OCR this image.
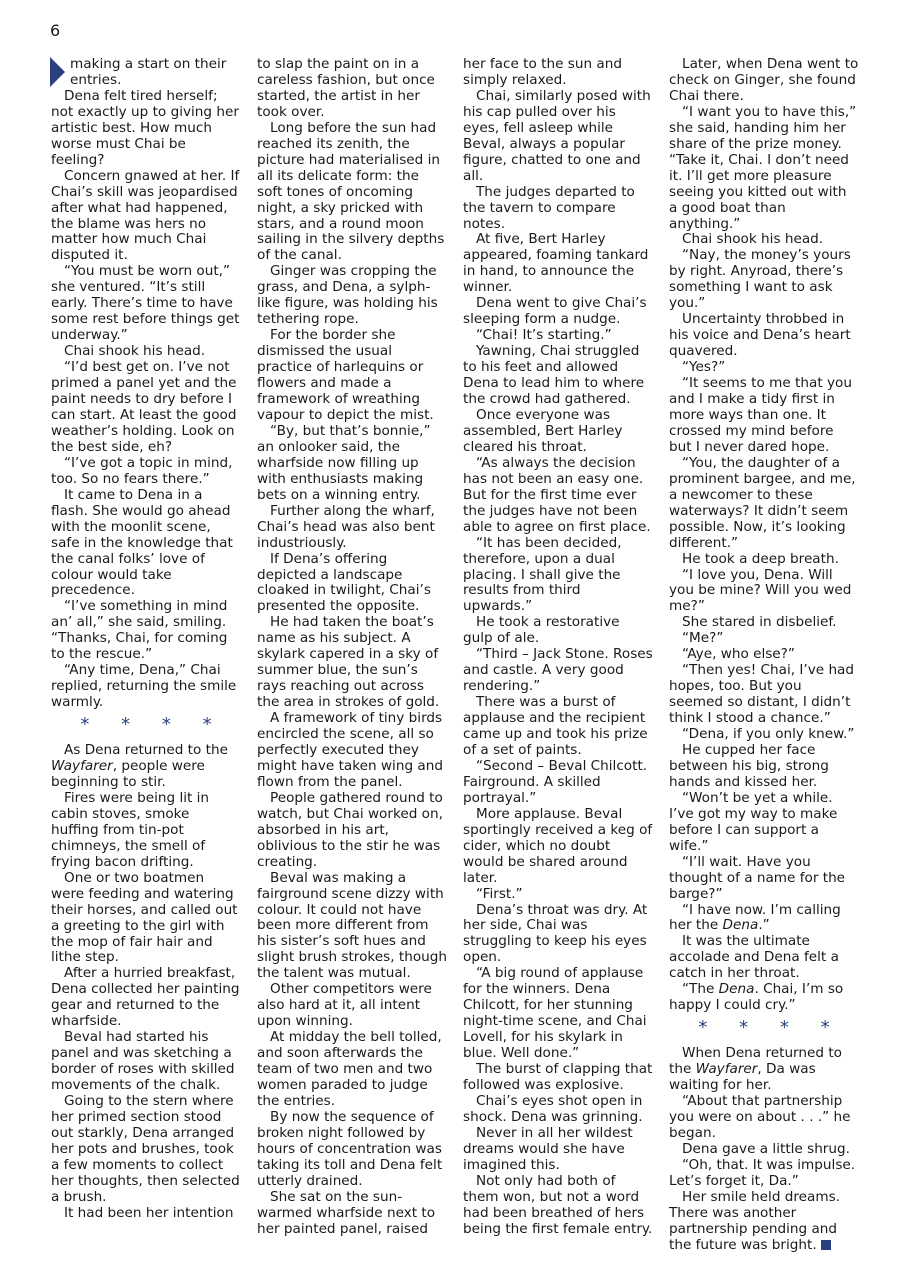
6

making a start on their entries.

Dena felt tired herself; not exactly up to giving her artistic best. How much worse must Chai be feeling?

Concern gnawed at her. If Chai’s skill was jeopardised after what had happened, the blame was hers no matter how much Chai disputed it.

“You must be worn out,” she ventured. “It’s still early. There’s time to have some rest before things get underway.”

Chai shook his head.

“I’d best get on. I’ve not primed a panel yet and the paint needs to dry before I can start. At least the good weather’s holding. Look on the best side, eh?

“I’ve got a topic in mind, too. So no fears there.”

It came to Dena in a flash. She would go ahead with the moonlit scene, safe in the knowledge that the canal folks’ love of colour would take precedence.

“I’ve something in mind an’ all,” she said, smiling. “Thanks, Chai, for coming to the rescue.”

“Any time, Dena,” Chai replied, returning the smile warmly.

* * * *

As Dena returned to the Wayfarer, people were beginning to stir.

Fires were being lit in cabin stoves, smoke huffing from tin-pot chimneys, the smell of frying bacon drifting.

One or two boatmen were feeding and watering their horses, and called out a greeting to the girl with the mop of fair hair and lithe step.

After a hurried breakfast, Dena collected her painting gear and returned to the wharfside.

Beval had started his panel and was sketching a border of roses with skilled movements of the chalk.

Going to the stern where her primed section stood out starkly, Dena arranged her pots and brushes, took a few moments to collect her thoughts, then selected a brush.

It had been her intention

to slap the paint on in a careless fashion, but once started, the artist in her took over.

Long before the sun had reached its zenith, the picture had materialised in all its delicate form: the soft tones of oncoming night, a sky pricked with stars, and a round moon sailing in the silvery depths of the canal.

Ginger was cropping the grass, and Dena, a sylph-like figure, was holding his tethering rope.

For the border she dismissed the usual practice of harlequins or flowers and made a framework of wreathing vapour to depict the mist.

“By, but that’s bonnie,” an onlooker said, the wharfside now filling up with enthusiasts making bets on a winning entry.

Further along the wharf, Chai’s head was also bent industriously.

If Dena’s offering depicted a landscape cloaked in twilight, Chai’s presented the opposite.

He had taken the boat’s name as his subject. A skylark capered in a sky of summer blue, the sun’s rays reaching out across the area in strokes of gold.

A framework of tiny birds encircled the scene, all so perfectly executed they might have taken wing and flown from the panel.

People gathered round to watch, but Chai worked on, absorbed in his art, oblivious to the stir he was creating.

Beval was making a fairground scene dizzy with colour. It could not have been more different from his sister’s soft hues and slight brush strokes, though the talent was mutual.

Other competitors were also hard at it, all intent upon winning.

At midday the bell tolled, and soon afterwards the team of two men and two women paraded to judge the entries.

By now the sequence of broken night followed by hours of concentration was taking its toll and Dena felt utterly drained.

She sat on the sun-warmed wharfside next to her painted panel, raised

her face to the sun and simply relaxed.

Chai, similarly posed with his cap pulled over his eyes, fell asleep while Beval, always a popular figure, chatted to one and all.

The judges departed to the tavern to compare notes.

At five, Bert Harley appeared, foaming tankard in hand, to announce the winner.

Dena went to give Chai’s sleeping form a nudge.

“Chai! It’s starting.”

Yawning, Chai struggled to his feet and allowed Dena to lead him to where the crowd had gathered.

Once everyone was assembled, Bert Harley cleared his throat.

“As always the decision has not been an easy one. But for the first time ever the judges have not been able to agree on first place.

“It has been decided, therefore, upon a dual placing. I shall give the results from third upwards.”

He took a restorative gulp of ale.

“Third – Jack Stone. Roses and castle. A very good rendering.”

There was a burst of applause and the recipient came up and took his prize of a set of paints.

“Second – Beval Chilcott. Fairground. A skilled portrayal.”

More applause. Beval sportingly received a keg of cider, which no doubt would be shared around later.

“First.”

Dena’s throat was dry. At her side, Chai was struggling to keep his eyes open.

“A big round of applause for the winners. Dena Chilcott, for her stunning night-time scene, and Chai Lovell, for his skylark in blue. Well done.”

The burst of clapping that followed was explosive.

Chai’s eyes shot open in shock. Dena was grinning.

Never in all her wildest dreams would she have imagined this.

Not only had both of them won, but not a word had been breathed of hers being the first female entry.

Later, when Dena went to check on Ginger, she found Chai there.

“I want you to have this,” she said, handing him her share of the prize money. “Take it, Chai. I don’t need it. I’ll get more pleasure seeing you kitted out with a good boat than anything.”

Chai shook his head.

“Nay, the money’s yours by right. Anyroad, there’s something I want to ask you.”

Uncertainty throbbed in his voice and Dena’s heart quavered.

“Yes?”

“It seems to me that you and I make a tidy first in more ways than one. It crossed my mind before but I never dared hope.

“You, the daughter of a prominent bargee, and me, a newcomer to these waterways? It didn’t seem possible. Now, it’s looking different.”

He took a deep breath.

“I love you, Dena. Will you be mine? Will you wed me?”

She stared in disbelief.

“Me?”

“Aye, who else?”

“Then yes! Chai, I’ve had hopes, too. But you seemed so distant, I didn’t think I stood a chance.”

“Dena, if you only knew.”

He cupped her face between his big, strong hands and kissed her.

“Won’t be yet a while. I’ve got my way to make before I can support a wife.”

“I’ll wait. Have you thought of a name for the barge?”

“I have now. I’m calling her the Dena.”

It was the ultimate accolade and Dena felt a catch in her throat.

“The Dena. Chai, I’m so happy I could cry.”

* * * *

When Dena returned to the Wayfarer, Da was waiting for her.

“About that partnership you were on about . . .” he began.

Dena gave a little shrug.

“Oh, that. It was impulse. Let’s forget it, Da.”

Her smile held dreams. There was another partnership pending and the future was bright.
